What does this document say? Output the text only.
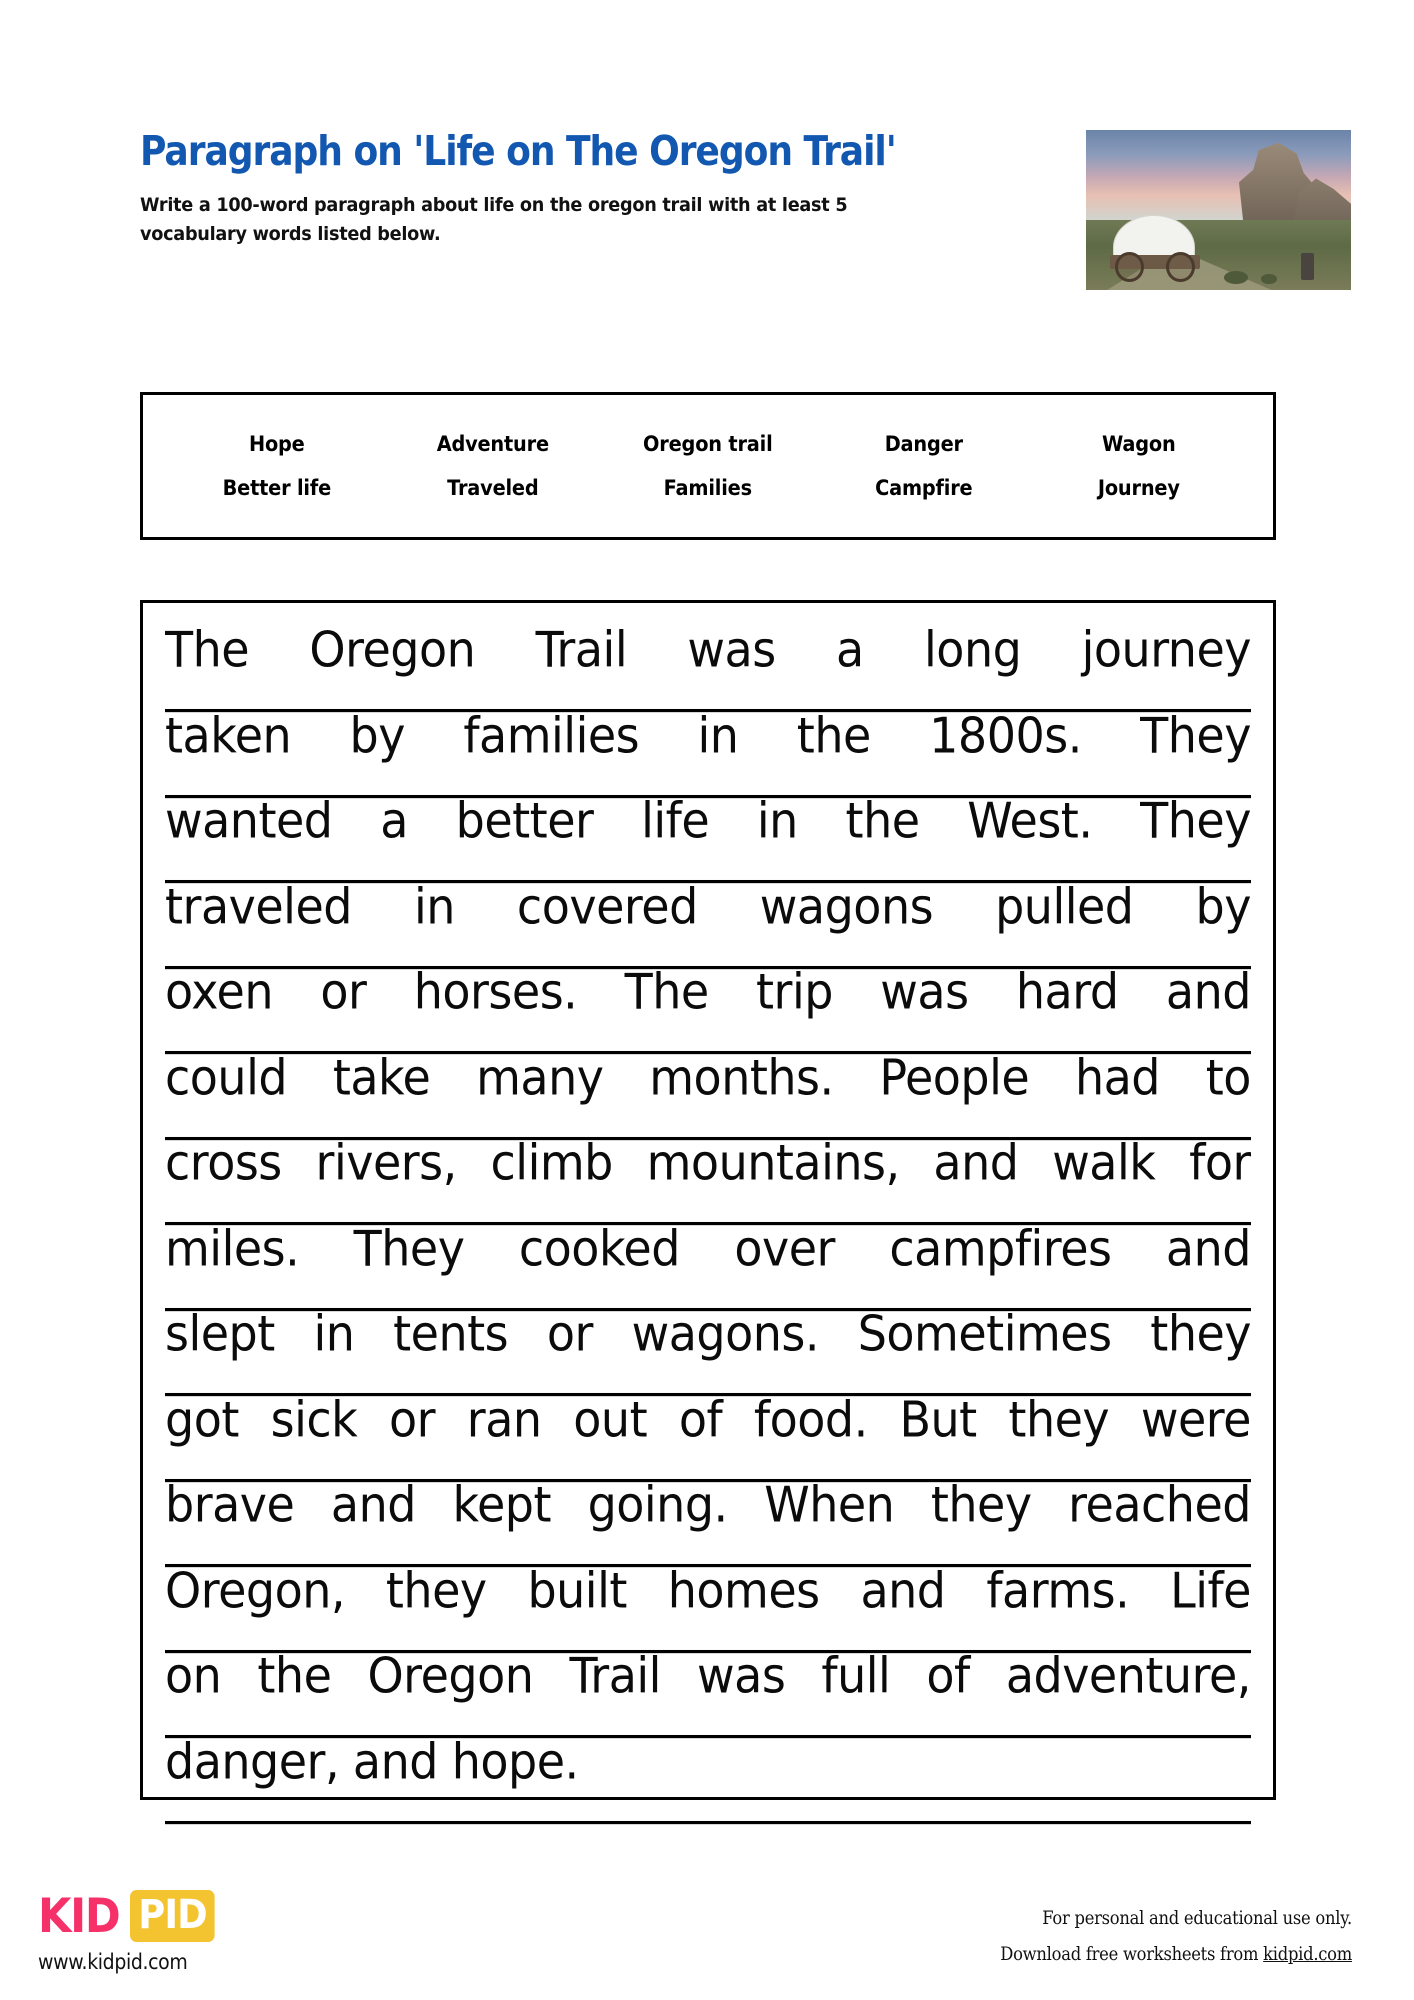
Paragraph on 'Life on The Oregon Trail'
Write a 100-word paragraph about life on the oregon trail with at least 5 vocabulary words listed below.
Hope	Adventure	Oregon trail	Danger	Wagon
Better life	Traveled	Families	Campfire	Journey
The Oregon Trail was a long journey
taken by families in the 1800s. They
wanted a better life in the West. They
traveled in covered wagons pulled by
oxen or horses. The trip was hard and
could take many months. People had to
cross rivers, climb mountains, and walk for
miles. They cooked over campfires and
slept in tents or wagons. Sometimes they
got sick or ran out of food. But they were
brave and kept going. When they reached
Oregon, they built homes and farms. Life
on the Oregon Trail was full of adventure,
danger, and hope.
KID PID
www.kidpid.com
For personal and educational use only.
Download free worksheets from kidpid.com
